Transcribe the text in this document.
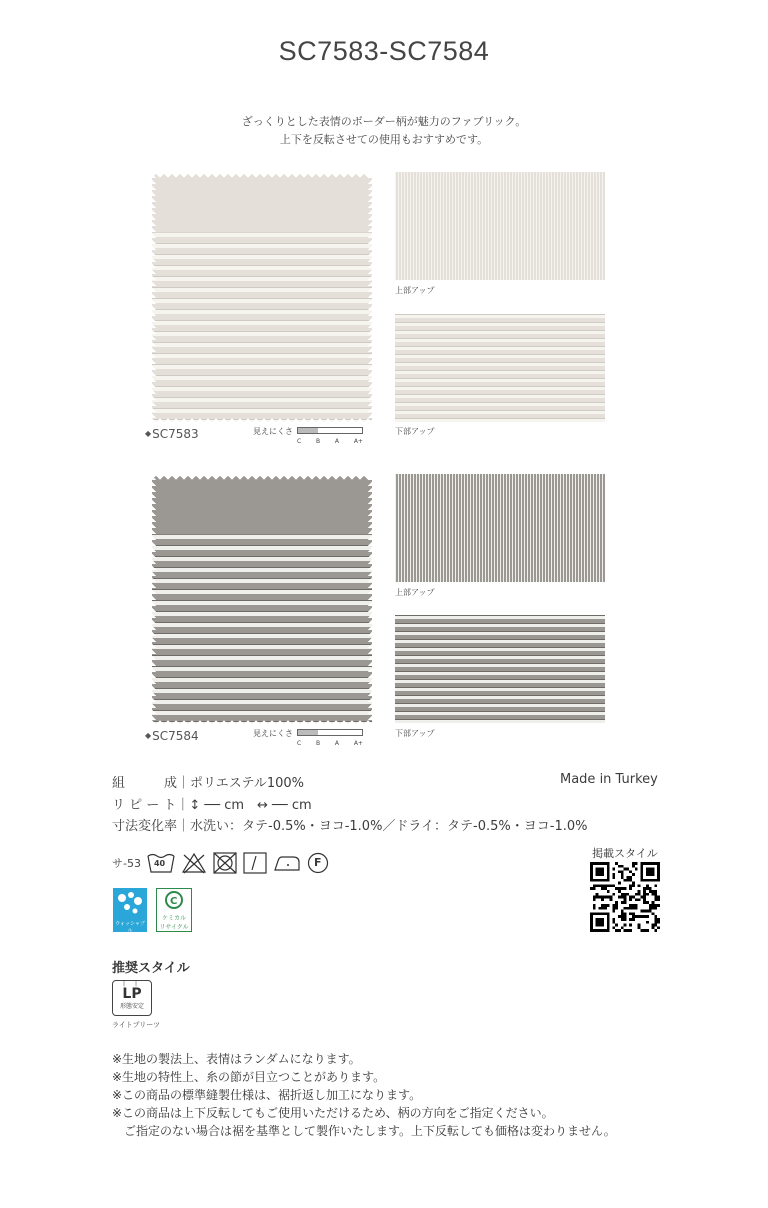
SC7583-SC7584
ざっくりとした表情のボーダー柄が魅力のファブリック。
上下を反転させての使用もおすすめです。
上部アップ
下部アップ
◆SC7583	見えにくさ
C B A A+
上部アップ
下部アップ
◆SC7584	見えにくさ
C B A A+
組　　　成｜ポリエステル100%
リ ピ ー ト｜↕ ── cm　↔ ── cm
寸法変化率｜水洗い：タテ-0.5%・ヨコ-1.0%／ドライ：タテ-0.5%・ヨコ-1.0%
Made in Turkey
サ-53 40	F
ウォッシャブル
C
ケミカル
リサイクル
掲載スタイル
推奨スタイル
| |
LP
形態安定
ライトプリーツ
※生地の製法上、表情はランダムになります。
※生地の特性上、糸の節が目立つことがあります。
※この商品の標準縫製仕様は、裾折返し加工になります。
※この商品は上下反転してもご使用いただけるため、柄の方向をご指定ください。
　ご指定のない場合は裾を基準として製作いたします。上下反転しても価格は変わりません。
